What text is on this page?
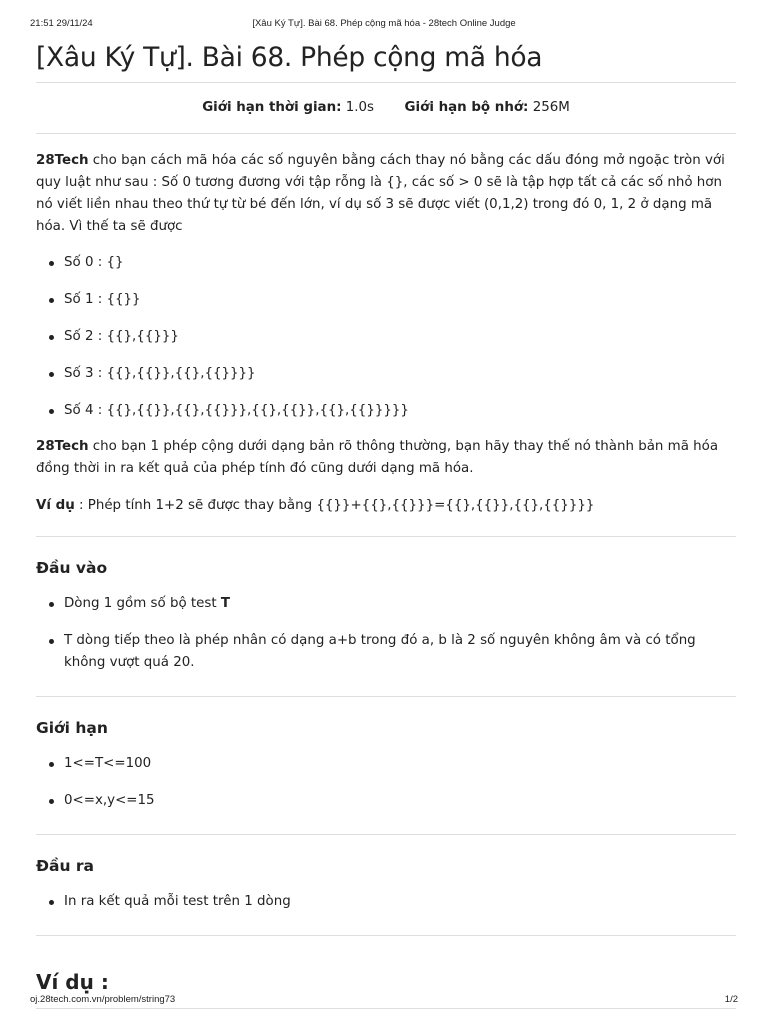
21:51 29/11/24	[Xâu Ký Tự]. Bài 68. Phép cộng mã hóa - 28tech Online Judge
[Xâu Ký Tự]. Bài 68. Phép cộng mã hóa
Giới hạn thời gian: 1.0s Giới hạn bộ nhớ: 256M

28Tech cho bạn cách mã hóa các số nguyên bằng cách thay nó bằng các dấu đóng mở ngoặc tròn với quy luật như sau : Số 0 tương đương với tập rỗng là {}, các số > 0 sẽ là tập hợp tất cả các số nhỏ hơn nó viết liền nhau theo thứ tự từ bé đến lớn, ví dụ số 3 sẽ được viết (0,1,2) trong đó 0, 1, 2 ở dạng mã hóa. Vì thế ta sẽ được

Số 0 : {}
Số 1 : {{}}
Số 2 : {{},{{}}}
Số 3 : {{},{{}},{{},{{}}}}
Số 4 : {{},{{}},{{},{{}}},{{},{{}},{{},{{}}}}}

28Tech cho bạn 1 phép cộng dưới dạng bản rõ thông thường, bạn hãy thay thế nó thành bản mã hóa đồng thời in ra kết quả của phép tính đó cũng dưới dạng mã hóa.

Ví dụ : Phép tính 1+2 sẽ được thay bằng {{}}+{{},{{}}}={{},{{}},{{},{{}}}}

Đầu vào
Dòng 1 gồm số bộ test T
T dòng tiếp theo là phép nhân có dạng a+b trong đó a, b là 2 số nguyên không âm và có tổng không vượt quá 20.
Giới hạn
1<=T<=100
0<=x,y<=15
Đầu ra
In ra kết quả mỗi test trên 1 dòng
Ví dụ :
oj.28tech.com.vn/problem/string73	1/2
